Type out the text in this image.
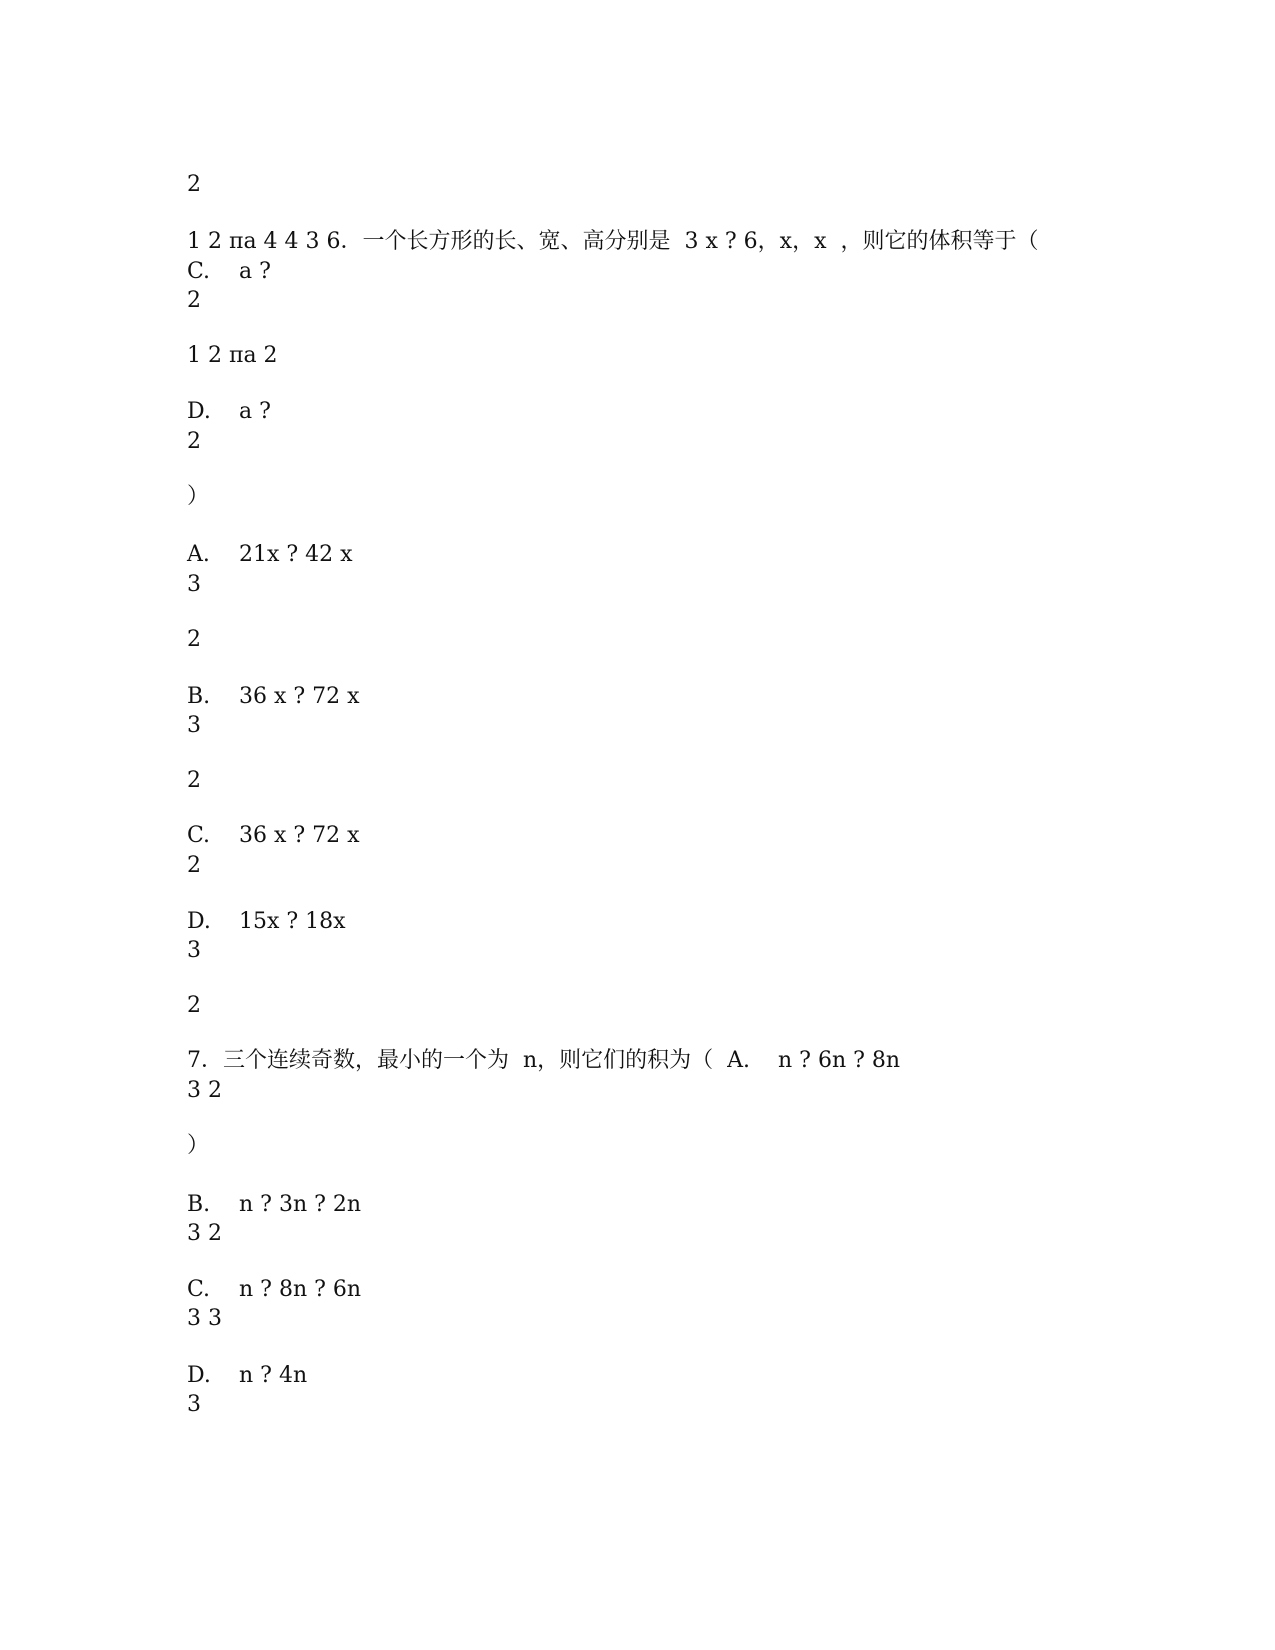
2
1 2 πa 4 4 3 6．一个长方形的长、宽、高分别是  3 x ? 6，x，x  ，则它的体积等于（
C. a ?
2
1 2 πa 2
D. a ?
2
）
A. 21x ? 42 x
3
2
B. 36 x ? 72 x
3
2
C. 36 x ? 72 x
2
D. 15x ? 18x
3
2
7．三个连续奇数，最小的一个为  n，则它们的积为（  A.    n ? 6n ? 8n
3 2
）
B. n ? 3n ? 2n
3 2
C. n ? 8n ? 6n
3 3
D. n ? 4n
3
